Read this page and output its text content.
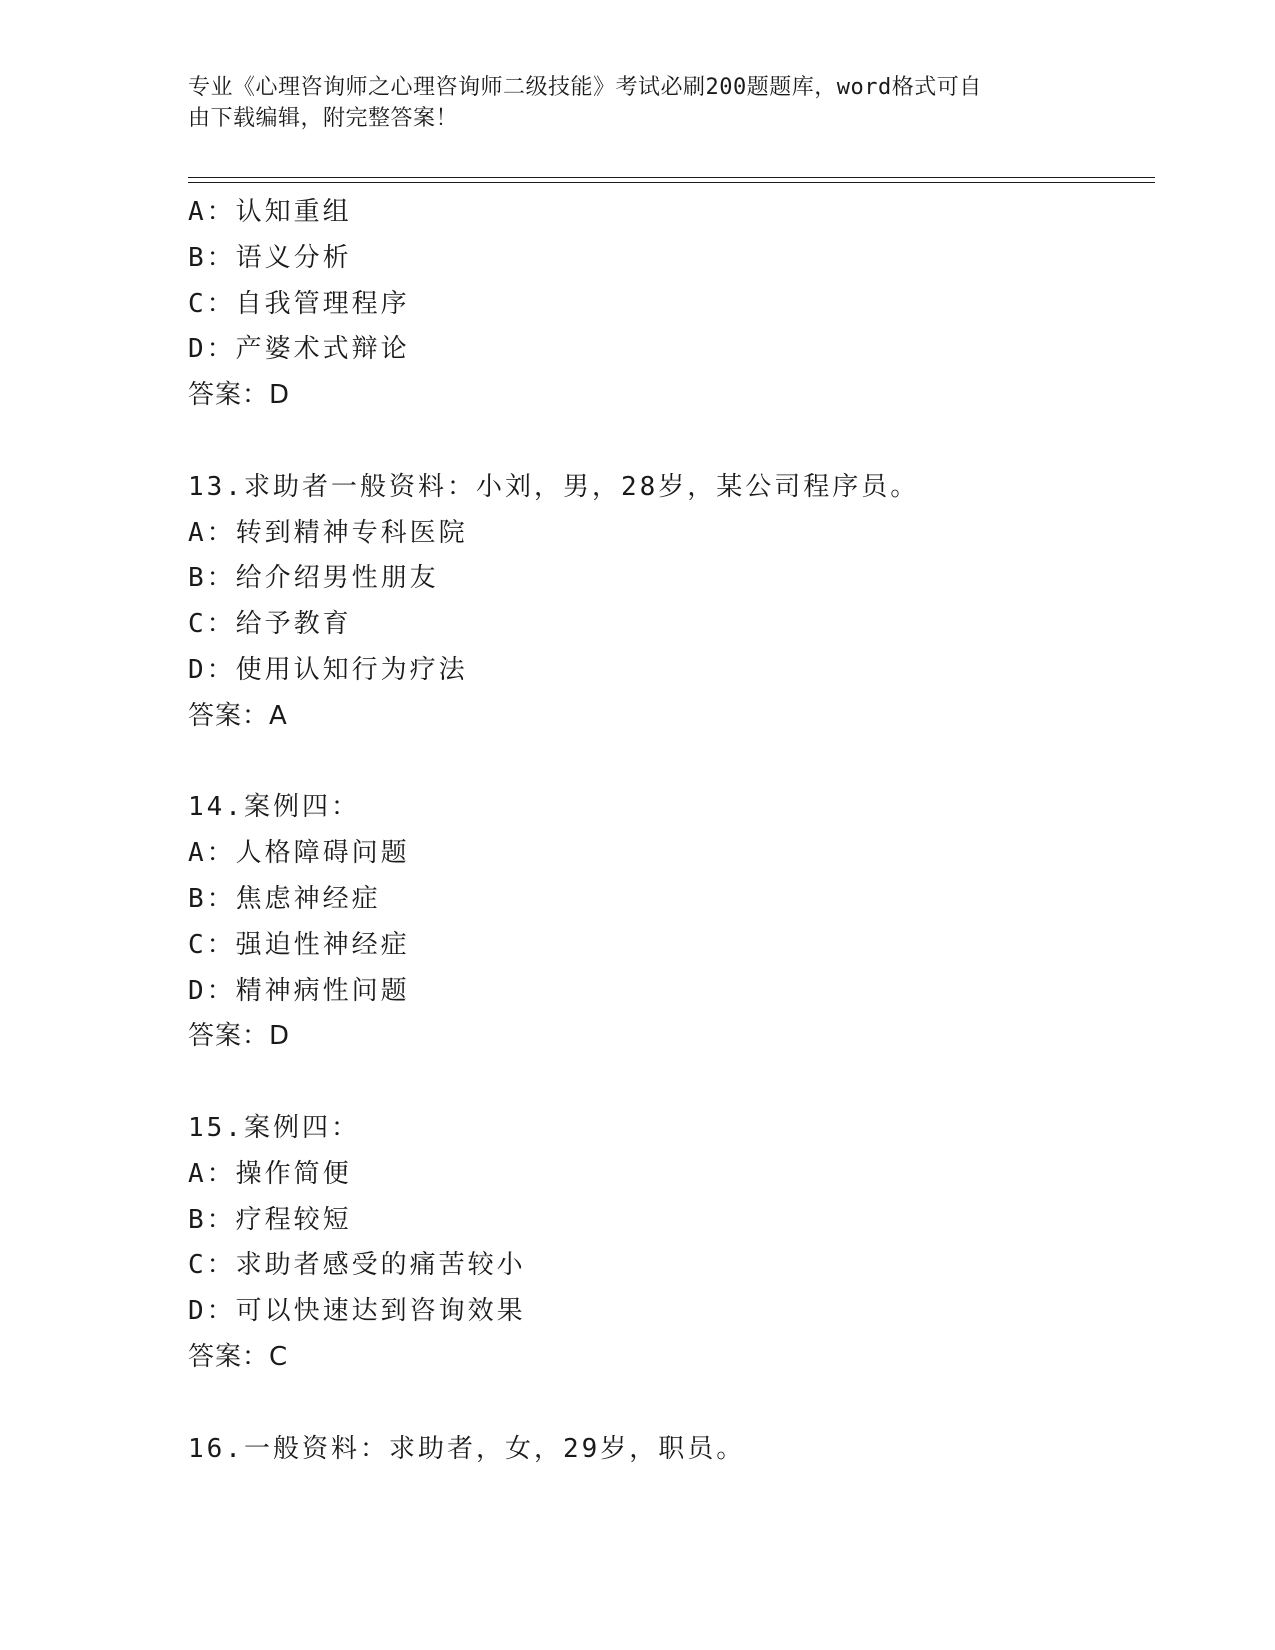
专业《心理咨询师之心理咨询师二级技能》考试必刷200题题库，word格式可自
由下载编辑，附完整答案！
A：认知重组
B：语义分析
C：自我管理程序
D：产婆术式辩论
答案：D
13.求助者一般资料：小刘，男，28岁，某公司程序员。
A：转到精神专科医院
B：给介绍男性朋友
C：给予教育
D：使用认知行为疗法
答案：A
14.案例四：
A：人格障碍问题
B：焦虑神经症
C：强迫性神经症
D：精神病性问题
答案：D
15.案例四：
A：操作简便
B：疗程较短
C：求助者感受的痛苦较小
D：可以快速达到咨询效果
答案：C
16.一般资料：求助者，女，29岁，职员。
